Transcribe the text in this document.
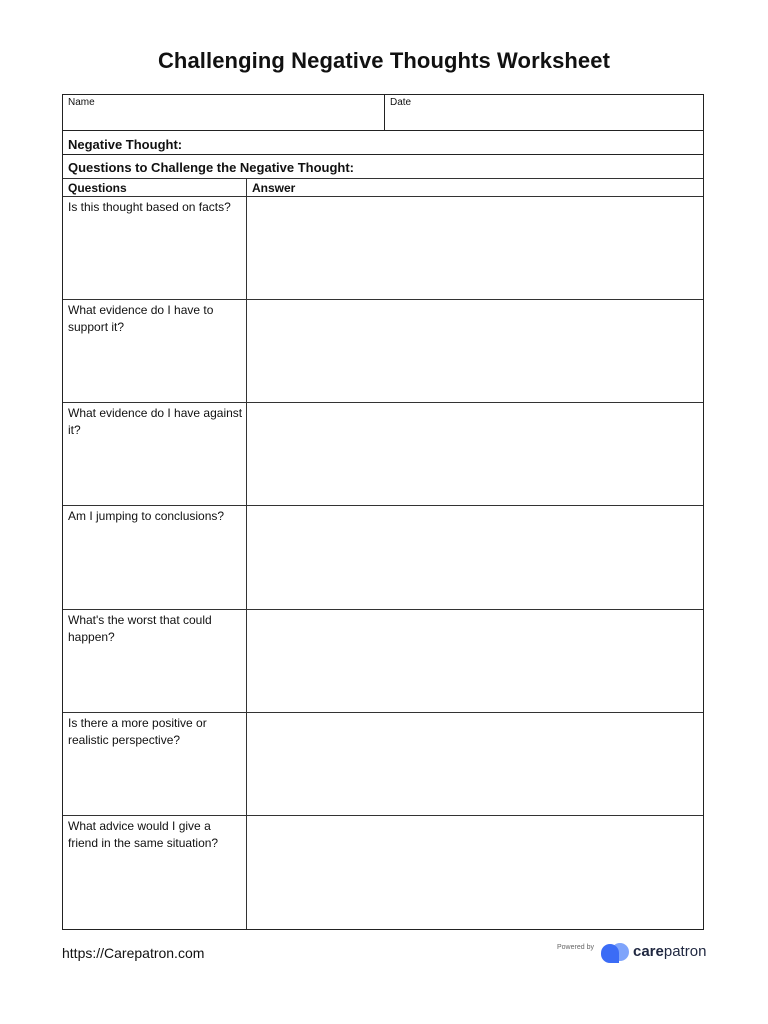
Challenging Negative Thoughts Worksheet
Name	Date
Negative Thought:
Questions to Challenge the Negative Thought:
Questions	Answer
Is this thought based on facts?
What evidence do I have to support it?
What evidence do I have against it?
Am I jumping to conclusions?
What's the worst that could happen?
Is there a more positive or realistic perspective?
What advice would I give a friend in the same situation?
https://Carepatron.com	Powered by	carepatron
